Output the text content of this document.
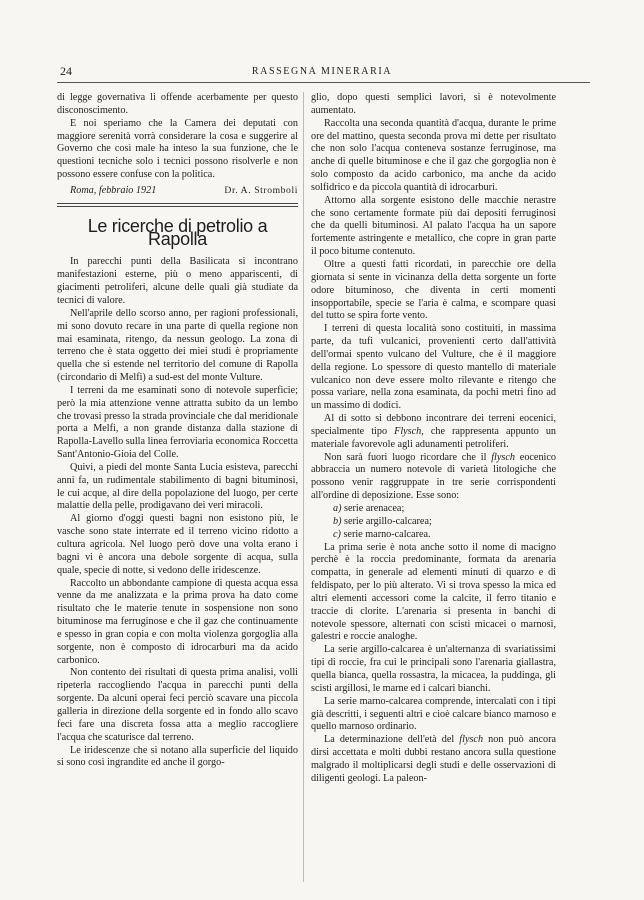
24	RASSEGNA MINERARIA

di legge governativa li offende acerbamente per questo disconoscimento.

E noi speriamo che la Camera dei deputati con maggiore serenità vorrà considerare la cosa e suggerire al Governo che così male ha inteso la sua funzione, che le questioni tecniche solo i tecnici possono risolverle e non possono essere confuse con la politica.

Roma, febbraio 1921	Dr. A. Stromboli
Le ricerche di petrolio a Rapolla

In parecchi punti della Basilicata si incontrano manifestazioni esterne, più o meno appariscenti, di giacimenti petroliferi, alcune delle quali già studiate da tecnici di valore.

Nell'aprile dello scorso anno, per ragioni professionali, mi sono dovuto recare in una parte di quella regione non mai esaminata, ritengo, da nessun geologo. La zona di terreno che è stata oggetto dei miei studi è propriamente quella che si estende nel territorio del comune di Rapolla (circondario di Melfi) a sud-est del monte Vulture.

I terreni da me esaminati sono di notevole superficie; però la mia attenzione venne attratta subito da un lembo che trovasi presso la strada provinciale che dal meridionale porta a Melfi, a non grande distanza dalla stazione di Rapolla-Lavello sulla linea ferroviaria economica Roccetta Sant'Antonio-Gioia del Colle.

Quivi, a piedi del monte Santa Lucia esisteva, parecchi anni fa, un rudimentale stabilimento di bagni bituminosi, le cui acque, al dire della popolazione del luogo, per certe malattie della pelle, prodigavano dei veri miracoli.

Al giorno d'oggi questi bagni non esistono più, le vasche sono state interrate ed il terreno vicino ridotto a cultura agricola. Nel luogo però dove una volta erano i bagni vi è ancora una debole sorgente di acqua, sulla quale, specie di notte, si vedono delle iridescenze.

Raccolto un abbondante campione di questa acqua essa venne da me analizzata e la prima prova ha dato come risultato che le materie tenute in sospensione non sono bituminose ma ferruginose e che il gaz che continuamente e spesso in gran copia e con molta violenza gorgoglia alla sorgente, non è composto di idrocarburi ma da acido carbonico.

Non contento dei risultati di questa prima analisi, volli ripeterla raccogliendo l'acqua in parecchi punti della sorgente. Da alcuni operai feci perciò scavare una piccola galleria in direzione della sorgente ed in fondo allo scavo feci fare una discreta fossa atta a meglio raccogliere l'acqua che scaturisce dal terreno.

Le iridescenze che si notano alla superficie del liquido si sono così ingrandite ed anche il gorgo-

glio, dopo questi semplici lavori, si è notevolmente aumentato.

Raccolta una seconda quantità d'acqua, durante le prime ore del mattino, questa seconda prova mi dette per risultato che non solo l'acqua conteneva sostanze ferruginose, ma anche di quelle bituminose e che il gaz che gorgoglia non è solo composto da acido carbonico, ma anche da acido solfidrico e da piccola quantità di idrocarburi.

Attorno alla sorgente esistono delle macchie nerastre che sono certamente formate più dai depositi ferruginosi che da quelli bituminosi. Al palato l'acqua ha un sapore fortemente astringente e metallico, che copre in gran parte il poco bitume contenuto.

Oltre a questi fatti ricordati, in parecchie ore della giornata si sente in vicinanza della detta sorgente un forte odore bituminoso, che diventa in certi momenti insopportabile, specie se l'aria è calma, e scompare quasi del tutto se spira forte vento.

I terreni di questa località sono costituiti, in massima parte, da tufi vulcanici, provenienti certo dall'attività dell'ormai spento vulcano del Vulture, che è il maggiore della regione. Lo spessore di questo mantello di materiale vulcanico non deve essere molto rilevante e ritengo che possa variare, nella zona esaminata, da pochi metri fino ad un massimo di dodici.

Al di sotto si debbono incontrare dei terreni eocenici, specialmente tipo Flysch, che rappresenta appunto un materiale favorevole agli adunamenti petroliferi.

Non sarà fuori luogo ricordare che il flysch eocenico abbraccia un numero notevole di varietà litologiche che possono venir raggruppate in tre serie corrispondenti all'ordine di deposizione. Esse sono:

a) serie arenacea;
b) serie argillo-calcarea;
c) serie marno-calcarea.

La prima serie è nota anche sotto il nome di macigno perchè è la roccia predominante, formata da arenaria compatta, in generale ad elementi minuti di quarzo e di feldispato, per lo più alterato. Vi si trova spesso la mica ed altri elementi accessori come la calcite, il ferro titanio e traccie di clorite. L'arenaria si presenta in banchi di notevole spessore, alternati con scisti micacei o marnosi, galestri e roccie analoghe.

La serie argillo-calcarea è un'alternanza di svariatissimi tipi di roccie, fra cui le principali sono l'arenaria giallastra, quella bianca, quella rossastra, la micacea, la puddinga, gli scisti argillosi, le marne ed i calcari bianchi.

La serie marno-calcarea comprende, intercalati con i tipi già descritti, i seguenti altri e cioè calcare bianco marnoso e quello marnoso ordinario.

La determinazione dell'età del flysch non può ancora dirsi accettata e molti dubbi restano ancora sulla questione malgrado il moltiplicarsi degli studi e delle osservazioni di diligenti geologi. La paleon-
